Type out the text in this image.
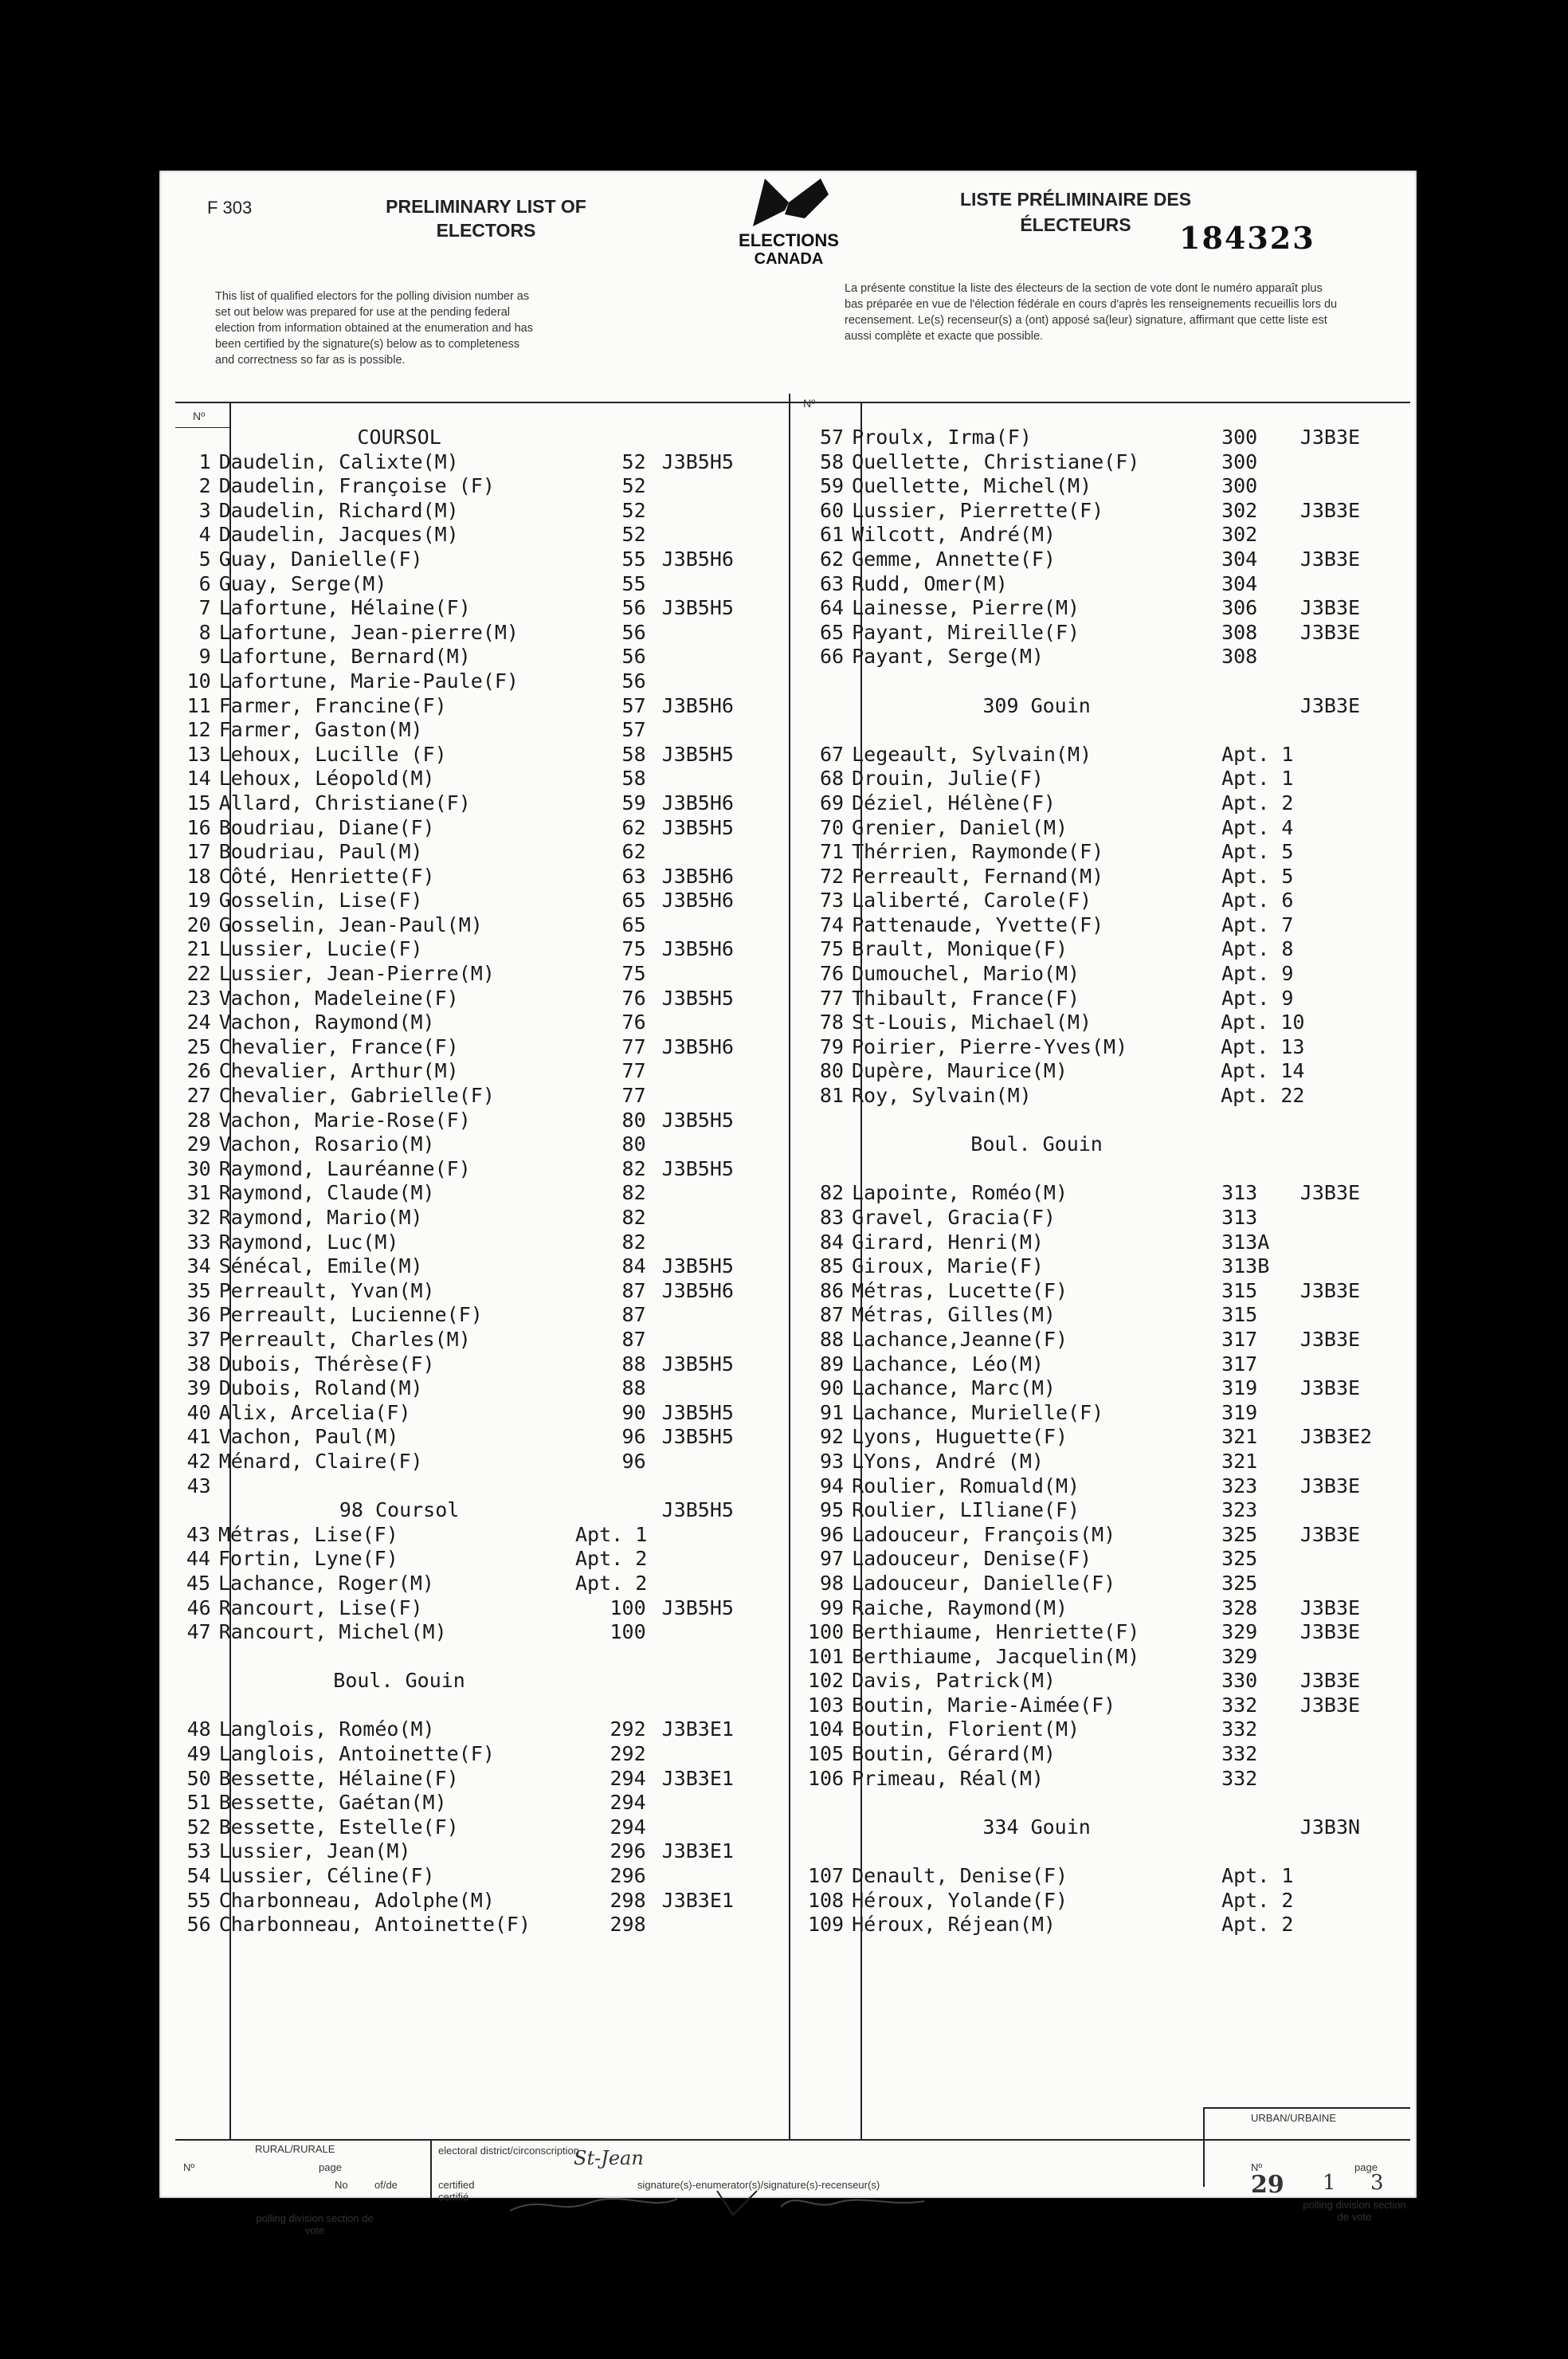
F 303	PRELIMINARY LIST OF
ELECTORS	ELECTIONS
CANADA
LISTE PRÉLIMINAIRE DES
ÉLECTEURS	184323
This list of qualified electors for the polling division number as set out below was prepared for use at the pending federal election from information obtained at the enumeration and has been certified by the signature(s) below as to completeness and correctness so far as is possible.
La présente constitue la liste des électeurs de la section de vote dont le numéro apparaît plus bas préparée en vue de l'élection fédérale en cours d'après les renseignements recueillis lors du recensement. Le(s) recenseur(s) a (ont) apposé sa(leur) signature, affirmant que cette liste est aussi complète et exacte que possible.
Nº
Nº
COURSOL
1 Daudelin, Calixte(M)	52 J3B5H5
2 Daudelin, Françoise (F)	52
3 Daudelin, Richard(M)	52
4 Daudelin, Jacques(M)	52
5 Guay, Danielle(F)	55 J3B5H6
6 Guay, Serge(M)	55
7 Lafortune, Hélaine(F)	56 J3B5H5
8 Lafortune, Jean-pierre(M)	56
9 Lafortune, Bernard(M)	56
10 Lafortune, Marie-Paule(F)	56
11 Farmer, Francine(F)	57 J3B5H6
12 Farmer, Gaston(M)	57
13 Lehoux, Lucille (F)	58 J3B5H5
14 Lehoux, Léopold(M)	58
15 Allard, Christiane(F)	59 J3B5H6
16 Boudriau, Diane(F)	62 J3B5H5
17 Boudriau, Paul(M)	62
18 Côté, Henriette(F)	63 J3B5H6
19 Gosselin, Lise(F)	65 J3B5H6
20 Gosselin, Jean-Paul(M)	65
21 Lussier, Lucie(F)	75 J3B5H6
22 Lussier, Jean-Pierre(M)	75
23 Vachon, Madeleine(F)	76 J3B5H5
24 Vachon, Raymond(M)	76
25 Chevalier, France(F)	77 J3B5H6
26 Chevalier, Arthur(M)	77
27 Chevalier, Gabrielle(F)	77
28 Vachon, Marie-Rose(F)	80 J3B5H5
29 Vachon, Rosario(M)	80
30 Raymond, Lauréanne(F)	82 J3B5H5
31 Raymond, Claude(M)	82
32 Raymond, Mario(M)	82
33 Raymond, Luc(M)	82
34 Sénécal, Emile(M)	84 J3B5H5
35 Perreault, Yvan(M)	87 J3B5H6
36 Perreault, Lucienne(F)	87
37 Perreault, Charles(M)	87
38 Dubois, Thérèse(F)	88 J3B5H5
39 Dubois, Roland(M)	88
40 Alix, Arcelia(F)	90 J3B5H5
41 Vachon, Paul(M)	96 J3B5H5
42 Ménard, Claire(F)	96
43
98 Coursol	J3B5H5
43 Métras, Lise(F)	Apt. 1
44 Fortin, Lyne(F)	Apt. 2
45 Lachance, Roger(M)	Apt. 2
46 Rancourt, Lise(F)	100 J3B5H5
47 Rancourt, Michel(M)	100
Boul. Gouin
48 Langlois, Roméo(M)	292 J3B3E1
49 Langlois, Antoinette(F)	292
50 Bessette, Hélaine(F)	294 J3B3E1
51 Bessette, Gaétan(M)	294
52 Bessette, Estelle(F)	294
53 Lussier, Jean(M)	296 J3B3E1
54 Lussier, Céline(F)	296
55 Charbonneau, Adolphe(M)	298 J3B3E1
56 Charbonneau, Antoinette(F)	298
57 Proulx, Irma(F)	300	J3B3E
58 Ouellette, Christiane(F)	300
59 Ouellette, Michel(M)	300
60 Lussier, Pierrette(F)	302	J3B3E
61 Wilcott, André(M)	302
62 Gemme, Annette(F)	304	J3B3E
63 Rudd, Omer(M)	304
64 Lainesse, Pierre(M)	306	J3B3E
65 Payant, Mireille(F)	308	J3B3E
66 Payant, Serge(M)	308
309 Gouin	J3B3E
67 Legeault, Sylvain(M)	Apt. 1
68 Drouin, Julie(F)	Apt. 1
69 Déziel, Hélène(F)	Apt. 2
70 Grenier, Daniel(M)	Apt. 4
71 Thérrien, Raymonde(F)	Apt. 5
72 Perreault, Fernand(M)	Apt. 5
73 Laliberté, Carole(F)	Apt. 6
74 Pattenaude, Yvette(F)	Apt. 7
75 Brault, Monique(F)	Apt. 8
76 Dumouchel, Mario(M)	Apt. 9
77 Thibault, France(F)	Apt. 9
78 St-Louis, Michael(M)	Apt. 10
79 Poirier, Pierre-Yves(M)	Apt. 13
80 Dupère, Maurice(M)	Apt. 14
81 Roy, Sylvain(M)	Apt. 22
Boul. Gouin
82 Lapointe, Roméo(M)	313	J3B3E
83 Gravel, Gracia(F)	313
84 Girard, Henri(M)	313A
85 Giroux, Marie(F)	313B
86 Métras, Lucette(F)	315	J3B3E
87 Métras, Gilles(M)	315
88 Lachance,Jeanne(F)	317	J3B3E
89 Lachance, Léo(M)	317
90 Lachance, Marc(M)	319	J3B3E
91 Lachance, Murielle(F)	319
92 Lyons, Huguette(F)	321	J3B3E2
93 LYons, André (M)	321
94 Roulier, Romuald(M)	323	J3B3E
95 Roulier, LIliane(F)	323
96 Ladouceur, François(M)	325	J3B3E
97 Ladouceur, Denise(F)	325
98 Ladouceur, Danielle(F)	325
99 Raiche, Raymond(M)	328	J3B3E
100 Berthiaume, Henriette(F)	329	J3B3E
101 Berthiaume, Jacquelin(M)	329
102 Davis, Patrick(M)	330	J3B3E
103 Boutin, Marie-Aimée(F)	332	J3B3E
104 Boutin, Florient(M)	332
105 Boutin, Gérard(M)	332
106 Primeau, Réal(M)	332
334 Gouin	J3B3N
107 Denault, Denise(F)	Apt. 1
108 Héroux, Yolande(F)	Apt. 2
109 Héroux, Réjean(M)	Apt. 2
RURAL/RURALE
URBAN/URBAINE
Nº	page
No	of/de
electoral district/circonscription
St-Jean
certified certifié
signature(s)-enumerator(s)/signature(s)-recenseur(s)
polling division section de vote
Nº	page
29 1 3
polling division section de vote
